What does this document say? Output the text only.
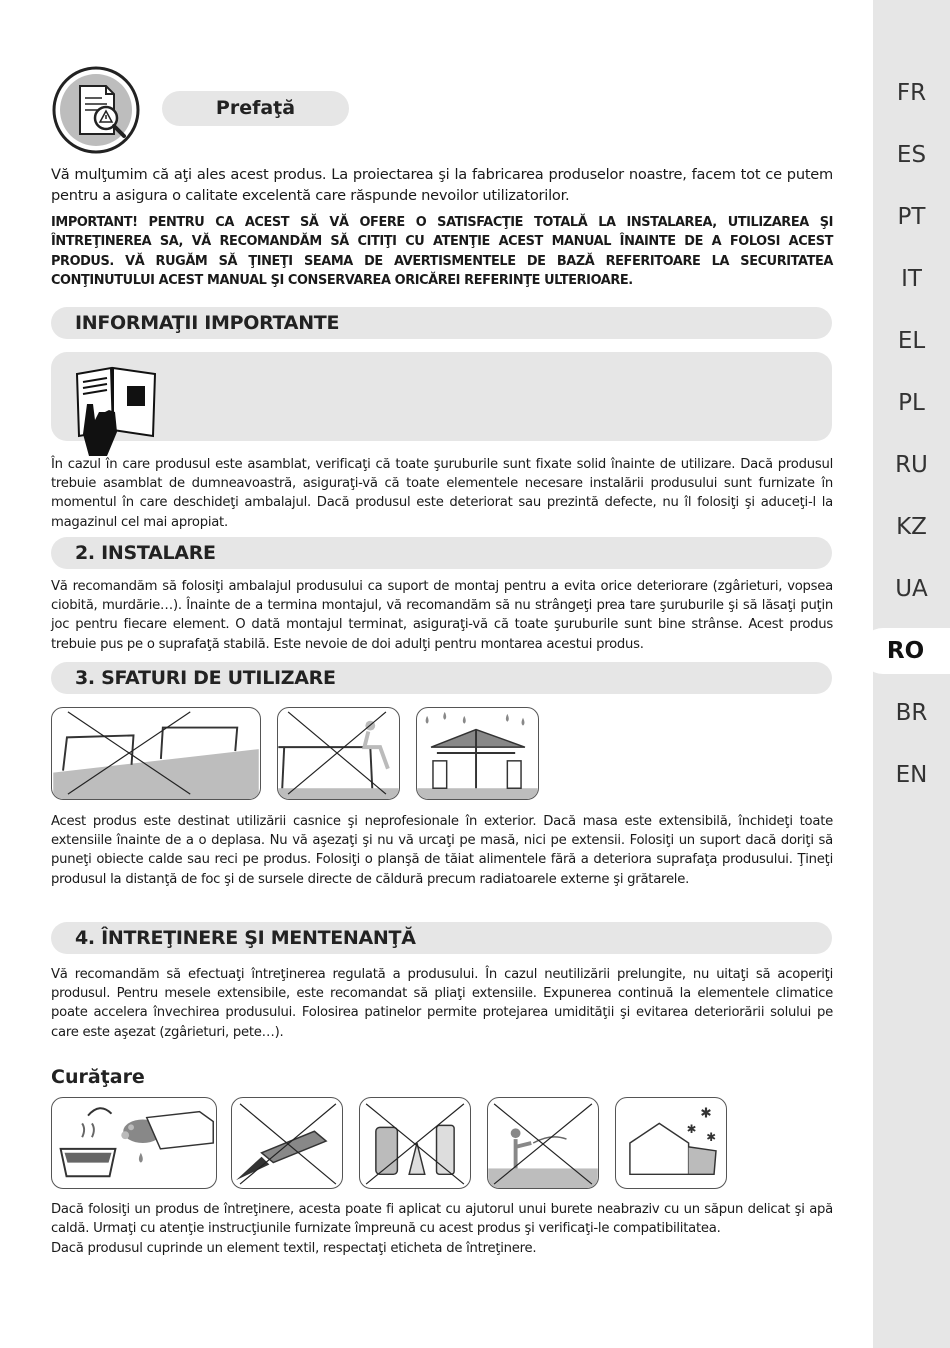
FR
ES
PT
IT
EL
PL
RU
KZ
UA
RO
BR
EN
Prefaţă
Vă mulţumim că aţi ales acest produs. La proiectarea şi la fabricarea produselor noastre, facem tot ce putem pentru a asigura o calitate excelentă care răspunde nevoilor utilizatorilor.
IMPORTANT! PENTRU CA ACEST SĂ VĂ OFERE O SATISFACŢIE TOTALĂ LA INSTALAREA, UTILIZAREA ŞI ÎNTREŢINEREA SA, VĂ RECOMANDĂM SĂ CITIŢI CU ATENŢIE ACEST MANUAL ÎNAINTE DE A FOLOSI ACEST PRODUS. VĂ RUGĂM SĂ ŢINEŢI SEAMA DE AVERTISMENTELE DE BAZĂ REFERITOARE LA SECURITATEA CONŢINUTULUI ACEST MANUAL ŞI CONSERVAREA ORICĂREI REFERINŢE ULTERIOARE.
INFORMAŢII IMPORTANTE
În cazul în care produsul este asamblat, verificaţi că toate şuruburile sunt fixate solid înainte de utilizare. Dacă produsul trebuie asamblat de dumneavoastră, asiguraţi-vă că toate elementele necesare instalării produsului sunt furnizate în momentul în care deschideţi ambalajul. Dacă produsul este deteriorat sau prezintă defecte, nu îl folosiţi şi aduceţi-l la magazinul cel mai apropiat.
2. INSTALARE
Vă recomandăm să folosiţi ambalajul produsului ca suport de montaj pentru a evita orice deteriorare (zgârieturi, vopsea ciobită, murdărie…). Înainte de a termina montajul, vă recomandăm să nu strângeţi prea tare şuruburile şi să lăsaţi puţin joc pentru fiecare element. O dată montajul terminat, asiguraţi-vă că toate şuruburile sunt bine strânse. Acest produs trebuie pus pe o suprafaţă stabilă. Este nevoie de doi adulţi pentru montarea acestui produs.
3. SFATURI DE UTILIZARE
Acest produs este destinat utilizării casnice şi neprofesionale în exterior. Dacă masa este extensibilă, închideţi toate extensiile înainte de a o deplasa. Nu vă aşezaţi şi nu vă urcaţi pe masă, nici pe extensii. Folosiţi un suport dacă doriţi să puneţi obiecte calde sau reci pe produs. Folosiţi o planşă de tăiat alimentele fără a deteriora suprafaţa produsului. Ţineţi produsul la distanţă de foc şi de sursele directe de căldură precum radiatoarele externe şi grătarele.
4. ÎNTREŢINERE ŞI MENTENANŢĂ
Vă recomandăm să efectuaţi întreţinerea regulată a produsului. În cazul neutilizării prelungite, nu uitaţi să acoperiţi produsul. Pentru mesele extensibile, este recomandat să pliaţi extensiile. Expunerea continuă la elementele climatice poate accelera învechirea produsului. Folosirea patinelor permite protejarea umidităţii şi evitarea deteriorării solului pe care este aşezat (zgârieturi, pete…).
Curăţare
✱
✱
✱
Dacă folosiţi un produs de întreţinere, acesta poate fi aplicat cu ajutorul unui burete neabraziv cu un săpun delicat şi apă caldă. Urmaţi cu atenţie instrucţiunile furnizate împreună cu acest produs şi verificaţi-le compatibilitatea.
Dacă produsul cuprinde un element textil, respectaţi eticheta de întreţinere.
